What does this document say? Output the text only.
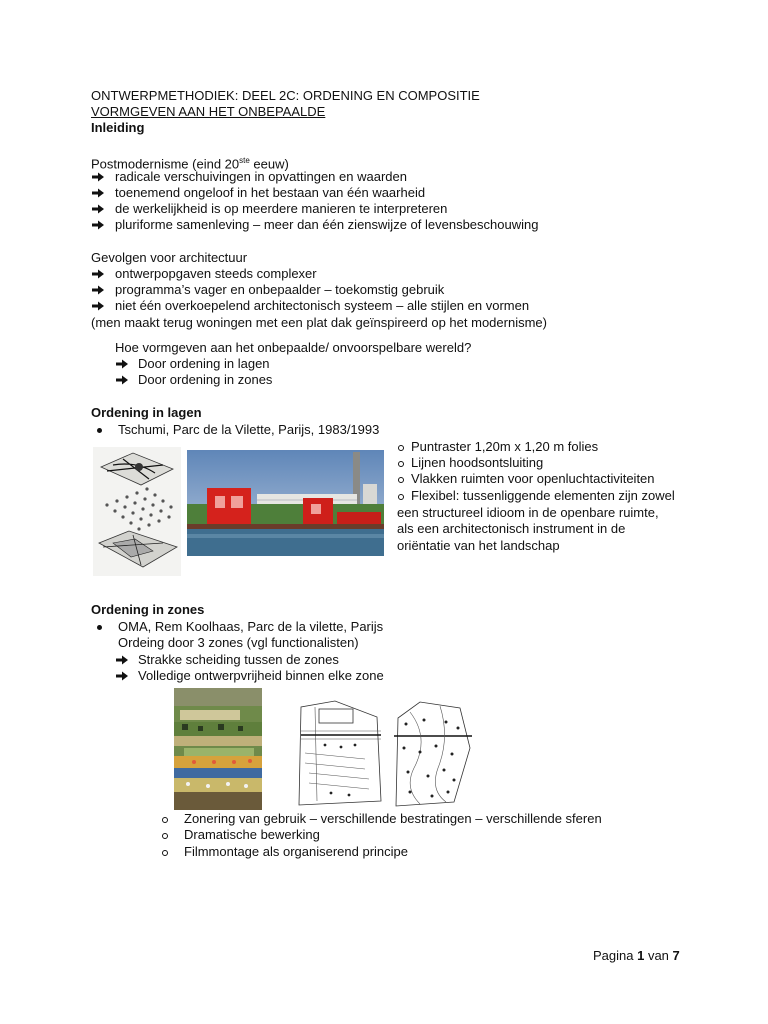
ONTWERPMETHODIEK: DEEL 2C: ORDENING EN COMPOSITIE
VORMGEVEN AAN HET ONBEPAALDE
Inleiding
Postmodernisme (eind 20ste eeuw)
radicale verschuivingen in opvattingen en waarden
toenemend ongeloof in het bestaan van één waarheid
de werkelijkheid is op meerdere manieren te interpreteren
pluriforme samenleving – meer dan één zienswijze of levensbeschouwing
Gevolgen voor architectuur
ontwerpopgaven steeds complexer
programma’s vager en onbepaalder – toekomstig gebruik
niet één overkoepelend architectonisch systeem – alle stijlen en vormen
(men maakt terug woningen met een plat dak geïnspireerd op het modernisme)
Hoe vormgeven aan het onbepaalde/ onvoorspelbare wereld?
Door ordening in lagen
Door ordening in zones
Ordening in lagen
Tschumi, Parc de la Vilette, Parijs, 1983/1993
Puntraster 1,20m x 1,20 m folies
Lijnen hoodsontsluiting
Vlakken ruimten voor openluchtactiviteiten
Flexibel: tussenliggende elementen zijn zowel
een structureel idioom in de openbare ruimte,
als een architectonisch instrument in de
oriëntatie van het landschap
Ordening in zones
OMA, Rem Koolhaas, Parc de la vilette, Parijs
Ordeing door 3 zones (vgl functionalisten)
Strakke scheiding tussen de zones
Volledige ontwerpvrijheid binnen elke zone
Zonering van gebruik – verschillende bestratingen – verschillende sferen
Dramatische bewerking
Filmmontage als organiserend principe
Pagina 1 van 7
